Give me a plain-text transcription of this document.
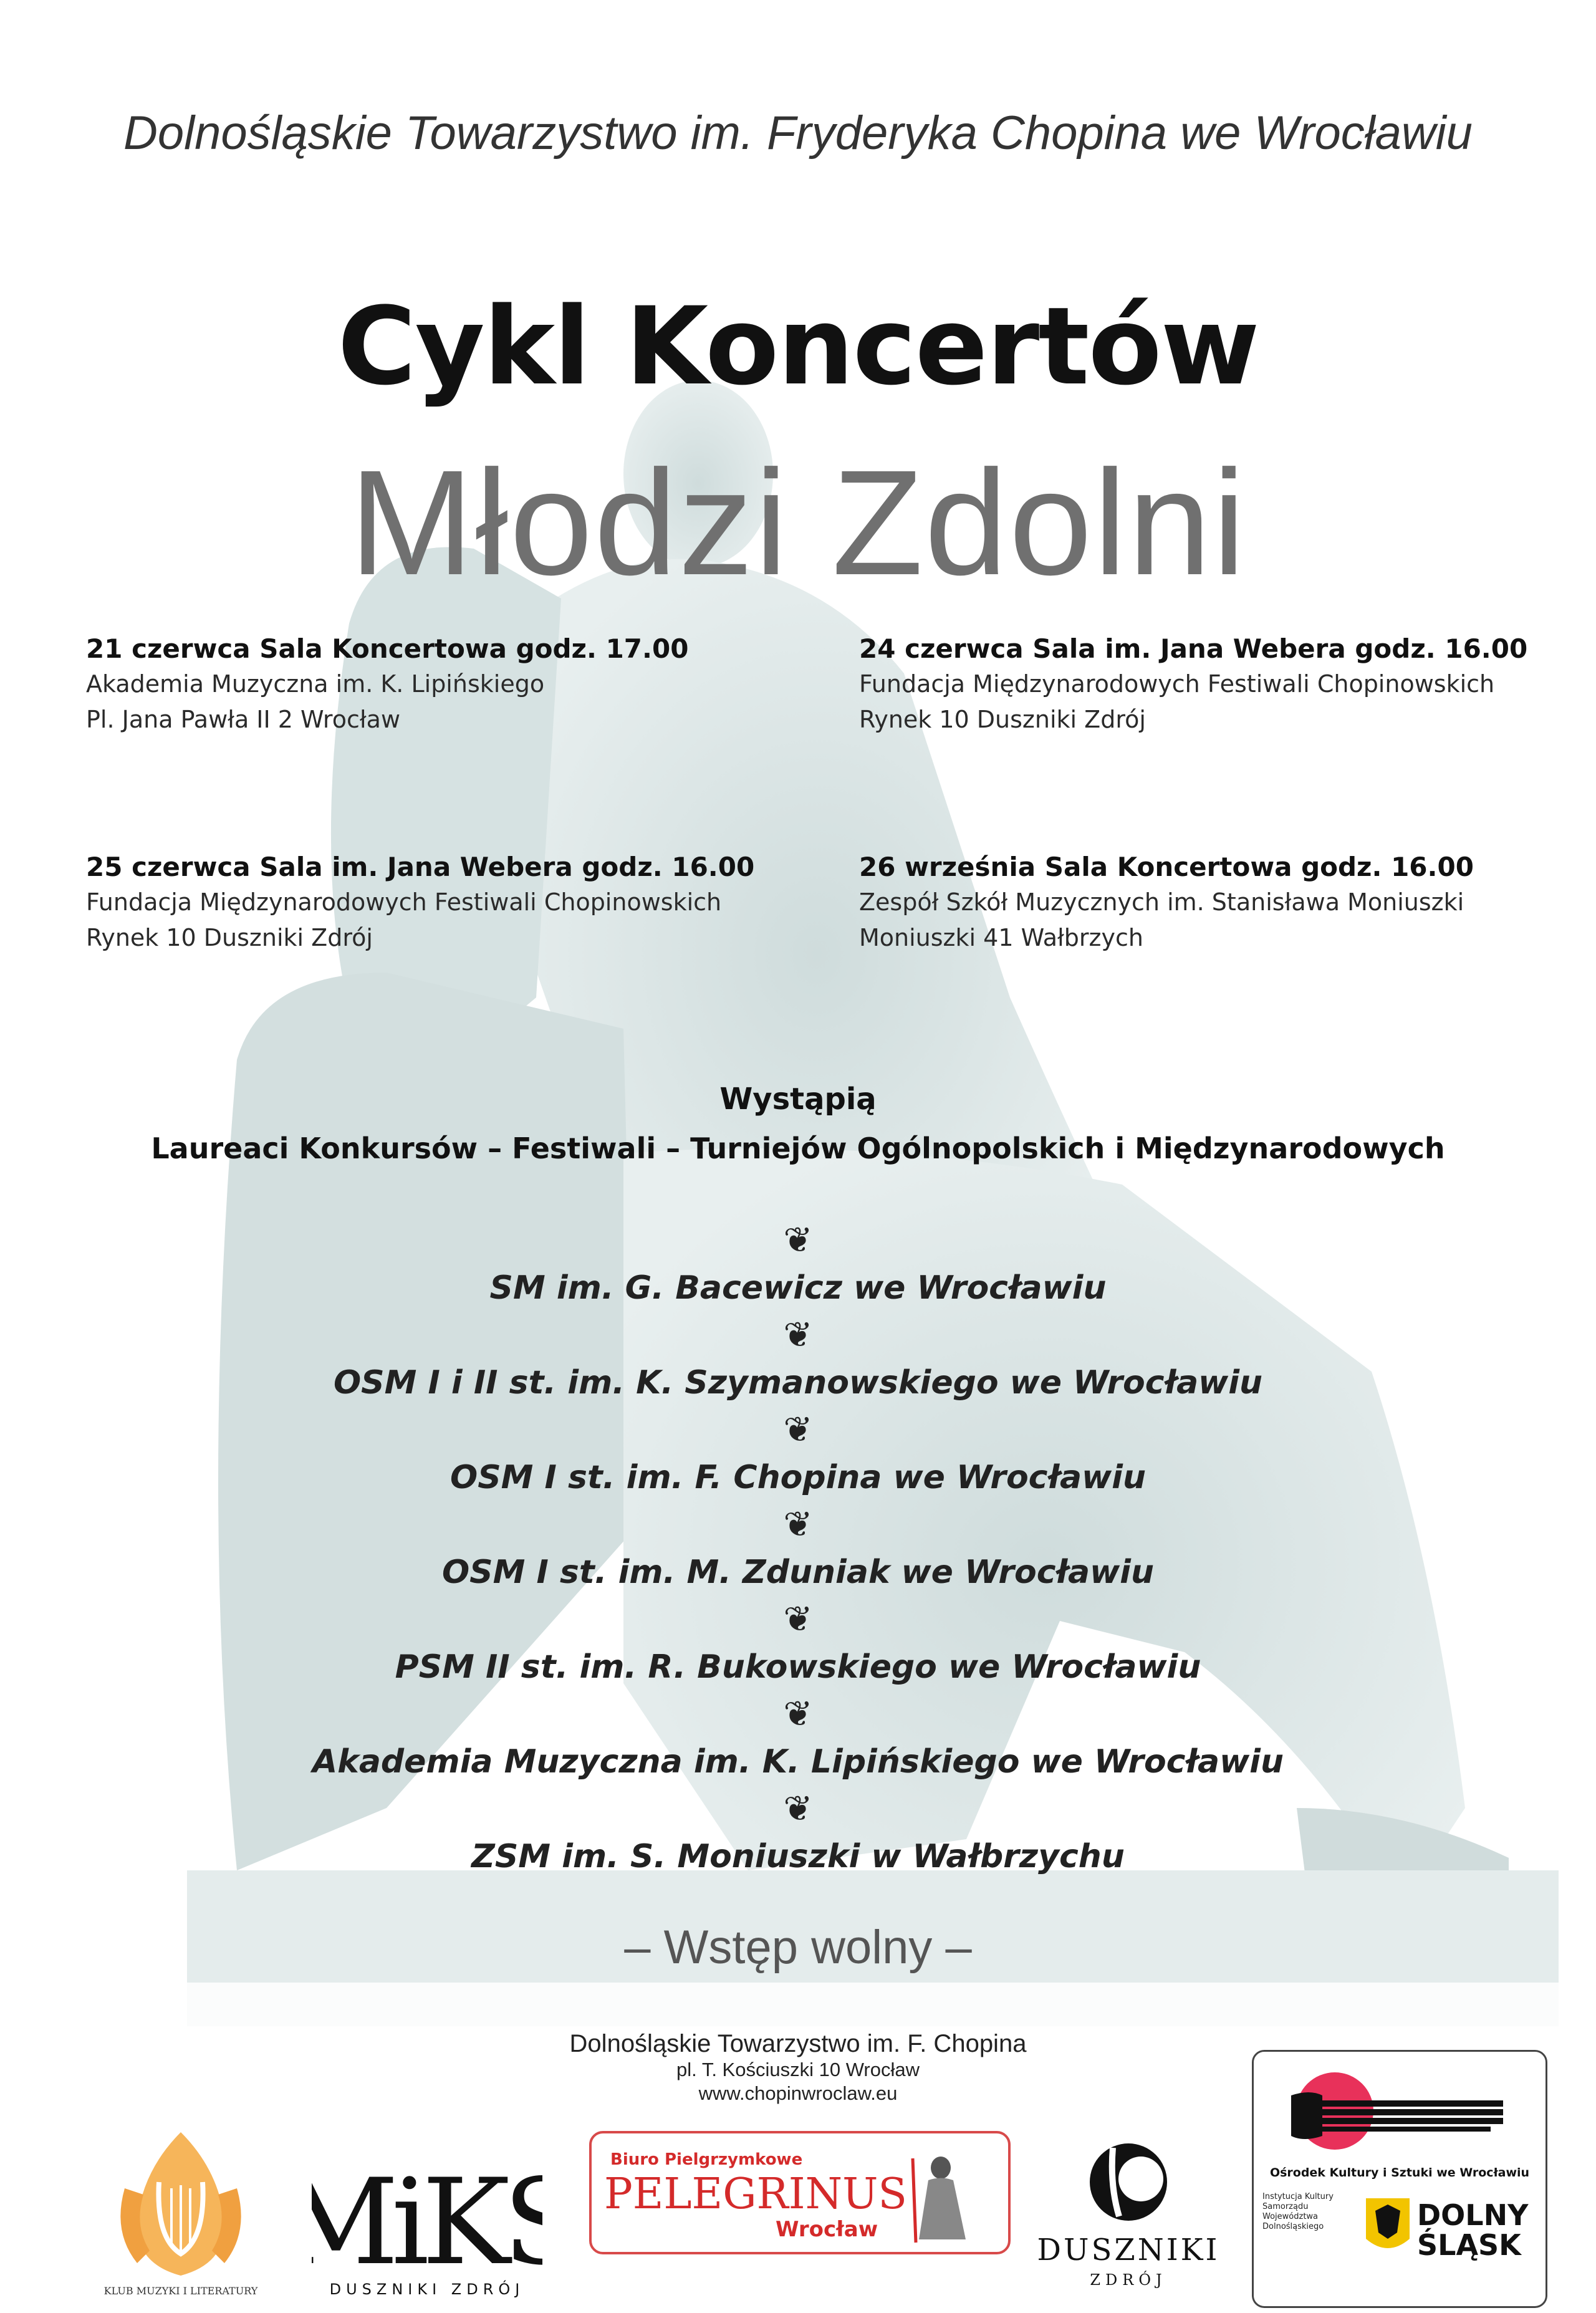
Dolnośląskie Towarzystwo im. Fryderyka Chopina we Wrocławiu
Cykl Koncertów
Młodzi Zdolni
21 czerwca Sala Koncertowa godz. 17.00
Akademia Muzyczna im. K. Lipińskiego
Pl. Jana Pawła II 2 Wrocław
24 czerwca Sala im. Jana Webera godz. 16.00
Fundacja Międzynarodowych Festiwali Chopinowskich
Rynek 10 Duszniki Zdrój
25 czerwca Sala im. Jana Webera godz. 16.00
Fundacja Międzynarodowych Festiwali Chopinowskich
Rynek 10 Duszniki Zdrój
26 września Sala Koncertowa godz. 16.00
Zespół Szkół Muzycznych im. Stanisława Moniuszki
Moniuszki 41 Wałbrzych
Wystąpią
Laureaci Konkursów – Festiwali – Turniejów Ogólnopolskich i Międzynarodowych
❦
SM im. G. Bacewicz we Wrocławiu
❦
OSM I i II st. im. K. Szymanowskiego we Wrocławiu
❦
OSM I st. im. F. Chopina we Wrocławiu
❦
OSM I st. im. M. Zduniak we Wrocławiu
❦
PSM II st. im. R. Bukowskiego we Wrocławiu
❦
Akademia Muzyczna im. K. Lipińskiego we Wrocławiu
❦
ZSM im. S. Moniuszki w Wałbrzychu
– Wstęp wolny –
Dolnośląskie Towarzystwo im. F. Chopina
pl. T. Kościuszki 10 Wrocław
www.chopinwroclaw.eu
KLUB MUZYKI I LITERATURY MiK
DUSZNIKI ZDRÓJ
Biuro Pielgrzymkowe
PELEGRINUS
Wrocław
DUSZNIKI
ZDRÓJ
Ośrodek Kultury i Sztuki we Wrocławiu
Instytucja Kultury Samorządu Województwa Dolnośląskiego	DOLNY
ŚLĄSK
